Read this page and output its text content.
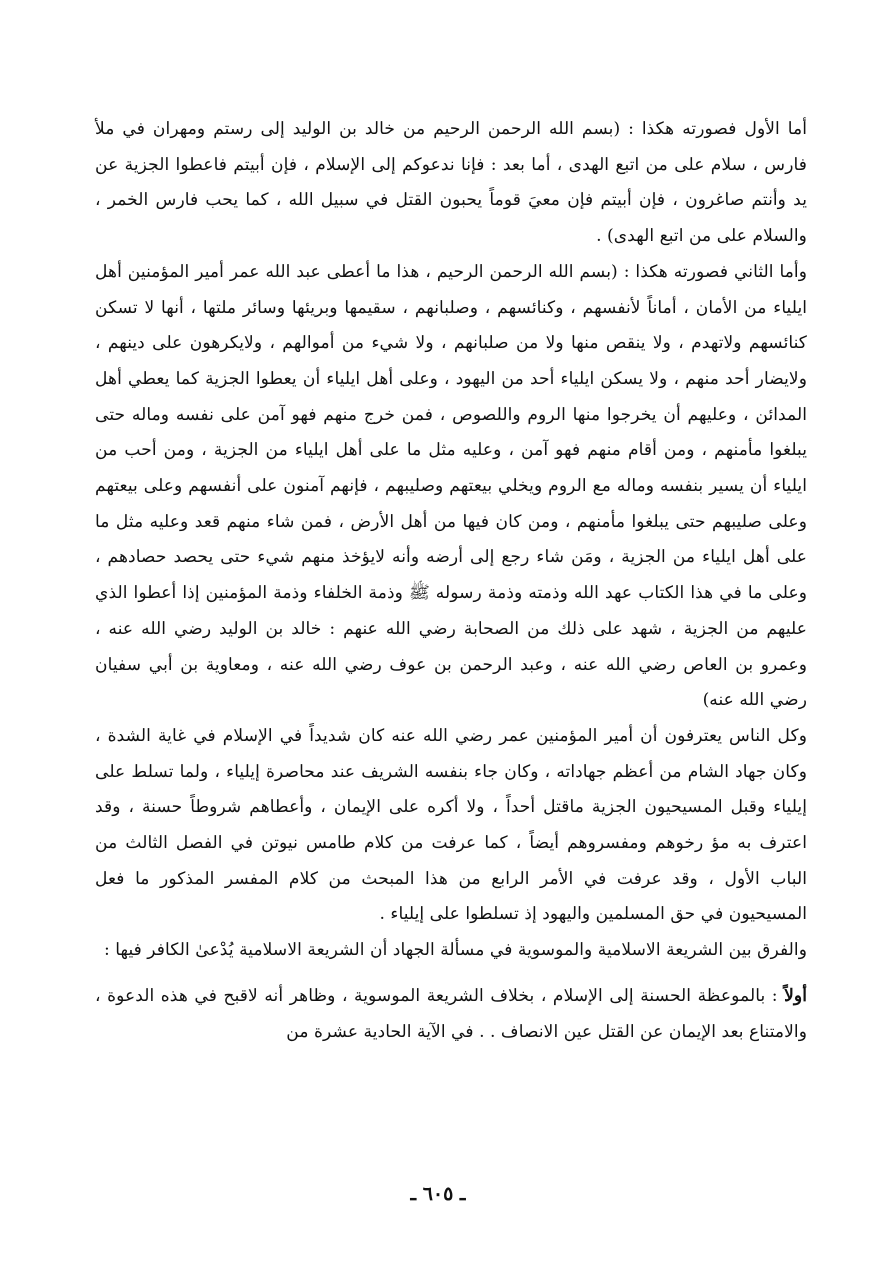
أما الأول فصورته هكذا : (بسم الله الرحمن الرحيم من خالد بن الوليد إلى رستم ومهران في ملأ فارس ، سلام على من اتبع الهدى ، أما بعد : فإنا ندعوكم إلى الإسلام ، فإن أبيتم فاعطوا الجزية عن يد وأنتم صاغرون ، فإن أبيتم فإن معيَ قوماً يحبون القتل في سبيل الله ، كما يحب فارس الخمر ، والسلام على من اتبع الهدى) .

وأما الثاني فصورته هكذا : (بسم الله الرحمن الرحيم ، هذا ما أعطى عبد الله عمر أمير المؤمنين أهل ايلياء من الأمان ، أماناً لأنفسهم ، وكنائسهم ، وصلبانهم ، سقيمها وبريئها وسائر ملتها ، أنها لا تسكن كنائسهم ولاتهدم ، ولا ينقص منها ولا من صلبانهم ، ولا شيء من أموالهم ، ولايكرهون على دينهم ، ولايضار أحد منهم ، ولا يسكن ايلياء أحد من اليهود ، وعلى أهل ايلياء أن يعطوا الجزية كما يعطي أهل المدائن ، وعليهم أن يخرجوا منها الروم واللصوص ، فمن خرج منهم فهو آمن على نفسه وماله حتى يبلغوا مأمنهم ، ومن أقام منهم فهو آمن ، وعليه مثل ما على أهل ايلياء من الجزية ، ومن أحب من ايلياء أن يسير بنفسه وماله مع الروم ويخلي بيعتهم وصليبهم ، فإنهم آمنون على أنفسهم وعلى بيعتهم وعلى صليبهم حتى يبلغوا مأمنهم ، ومن كان فيها من أهل الأرض ، فمن شاء منهم قعد وعليه مثل ما على أهل ايلياء من الجزية ، ومَن شاء رجع إلى أرضه وأنه لايؤخذ منهم شيء حتى يحصد حصادهم ، وعلى ما في هذا الكتاب عهد الله وذمته وذمة رسوله ﷺ وذمة الخلفاء وذمة المؤمنين إذا أعطوا الذي عليهم من الجزية ، شهد على ذلك من الصحابة رضي الله عنهم : خالد بن الوليد رضي الله عنه ، وعمرو بن العاص رضي الله عنه ، وعبد الرحمن بن عوف رضي الله عنه ، ومعاوية بن أبي سفيان رضي الله عنه)

وكل الناس يعترفون أن أمير المؤمنين عمر رضي الله عنه كان شديداً في الإسلام في غاية الشدة ، وكان جهاد الشام من أعظم جهاداته ، وكان جاء بنفسه الشريف عند محاصرة إيلياء ، ولما تسلط على إيلياء وقبل المسيحيون الجزية ماقتل أحداً ، ولا أكره على الإيمان ، وأعطاهم شروطاً حسنة ، وقد اعترف به مؤ رخوهم ومفسروهم أيضاً ، كما عرفت من كلام طامس نيوتن في الفصل الثالث من الباب الأول ، وقد عرفت في الأمر الرابع من هذا المبحث من كلام المفسر المذكور ما فعل المسيحيون في حق المسلمين واليهود إذ تسلطوا على إيلياء .

والفرق بين الشريعة الاسلامية والموسوية في مسألة الجهاد أن الشريعة الاسلامية يُدْعىٰ الكافر فيها :

أولاً : بالموعظة الحسنة إلى الإسلام ، بخلاف الشريعة الموسوية ، وظاهر أنه لاقبح في هذه الدعوة ، والامتناع بعد الإيمان عن القتل عين الانصاف . . في الآية الحادية عشرة من

ـ ٦٠٥ ـ
